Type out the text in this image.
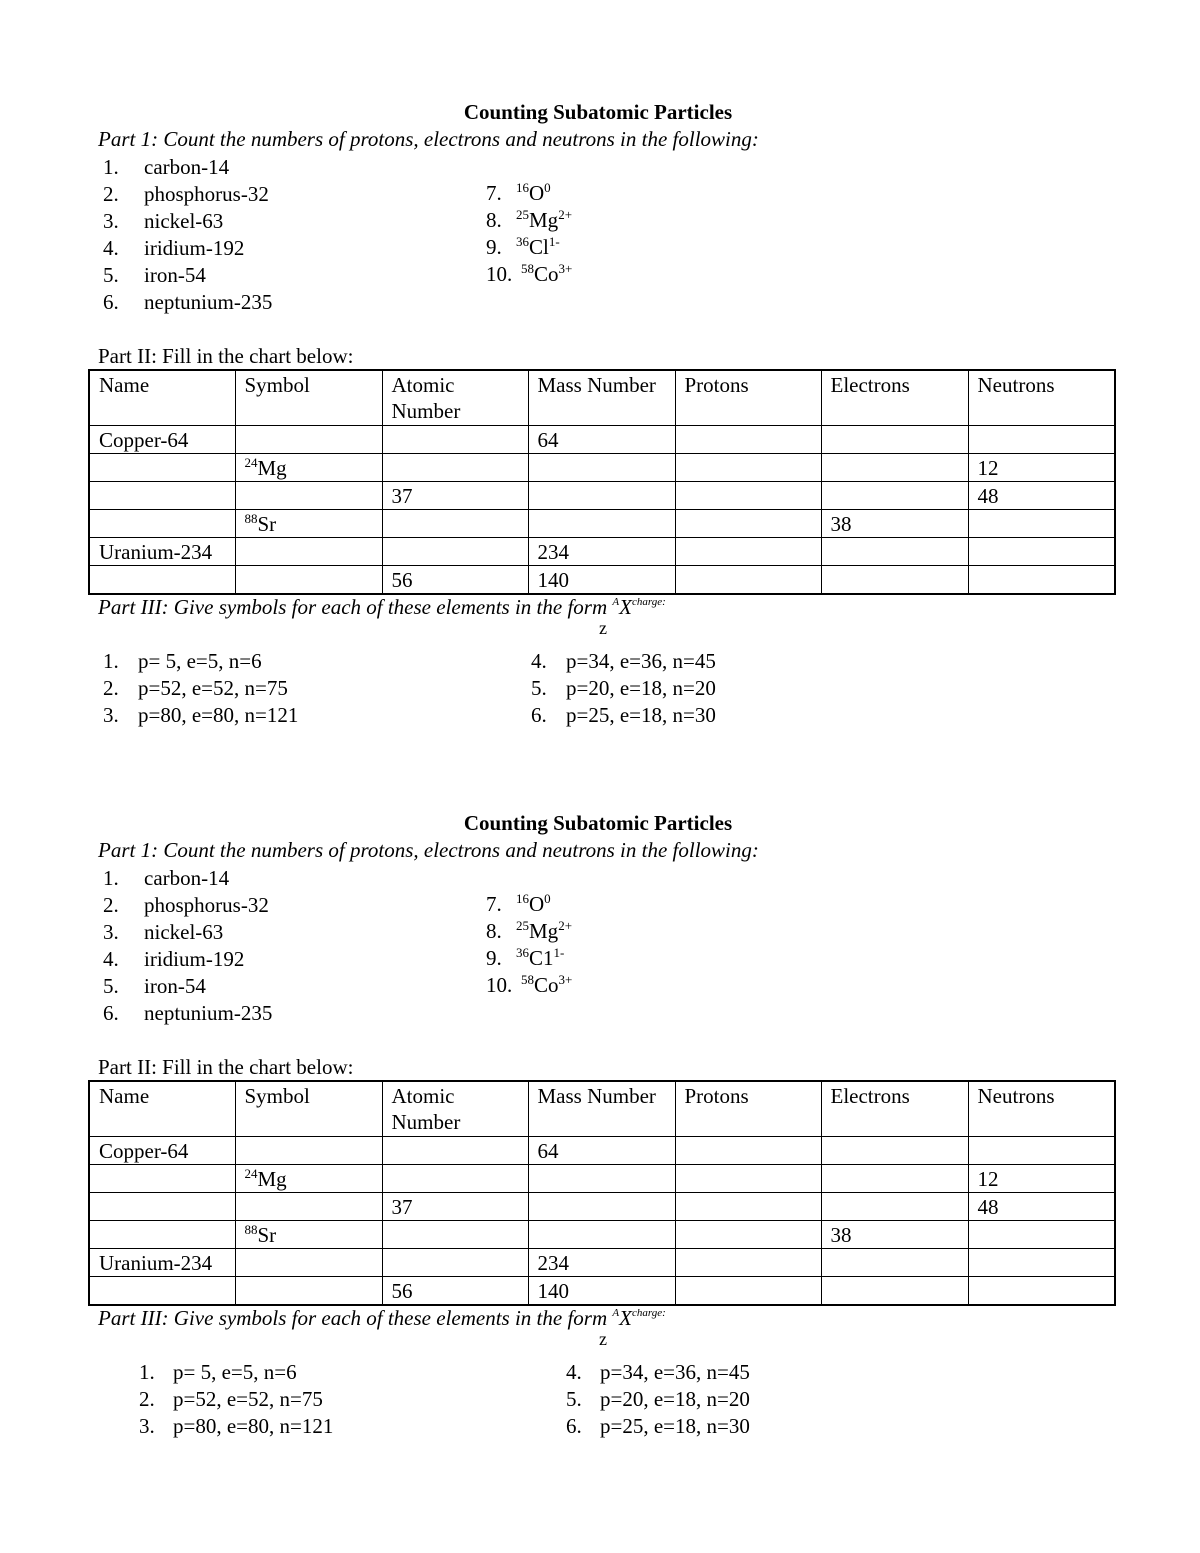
Counting Subatomic Particles
Part 1: Count the numbers of protons, electrons and neutrons in the following:
1. carbon-14
2. phosphorus-32
3. nickel-63
4. iridium-192
5. iron-54
6. neptunium-235
7. $^{16}O^0$
8. $^{25}Mg^{2+}$
9. $^{36}Cl^{1-}$
10. $^{58}Co^{3+}$
Part II: Fill in the chart below:
Name	Symbol	Atomic Number	Mass Number	Protons	Electrons	Neutrons
Copper-64			64			
	$^{24}$Mg					12
		37				48
	$^{88}$Sr				38	
Uranium-234			234			
		56	140			
Part III: Give symbols for each of these elements in the form $^AX^{charge:}$
z
1. p= 5, e=5, n=6
2. p=52, e=52, n=75
3. p=80, e=80, n=121
4. p=34, e=36, n=45
5. p=20, e=18, n=20
6. p=25, e=18, n=30
Counting Subatomic Particles
Part 1: Count the numbers of protons, electrons and neutrons in the following:
1. carbon-14
2. phosphorus-32
3. nickel-63
4. iridium-192
5. iron-54
6. neptunium-235
7. $^{16}O^0$
8. $^{25}Mg^{2+}$
9. $^{36}C1^{1-}$
10. $^{58}Co^{3+}$
Part II: Fill in the chart below:
Name	Symbol	Atomic Number	Mass Number	Protons	Electrons	Neutrons
Copper-64			64			
	$^{24}$Mg					12
		37				48
	$^{88}$Sr				38	
Uranium-234			234			
		56	140			
Part III: Give symbols for each of these elements in the form $^AX^{charge:}$
z
1. p= 5, e=5, n=6
2. p=52, e=52, n=75
3. p=80, e=80, n=121
4. p=34, e=36, n=45
5. p=20, e=18, n=20
6. p=25, e=18, n=30
